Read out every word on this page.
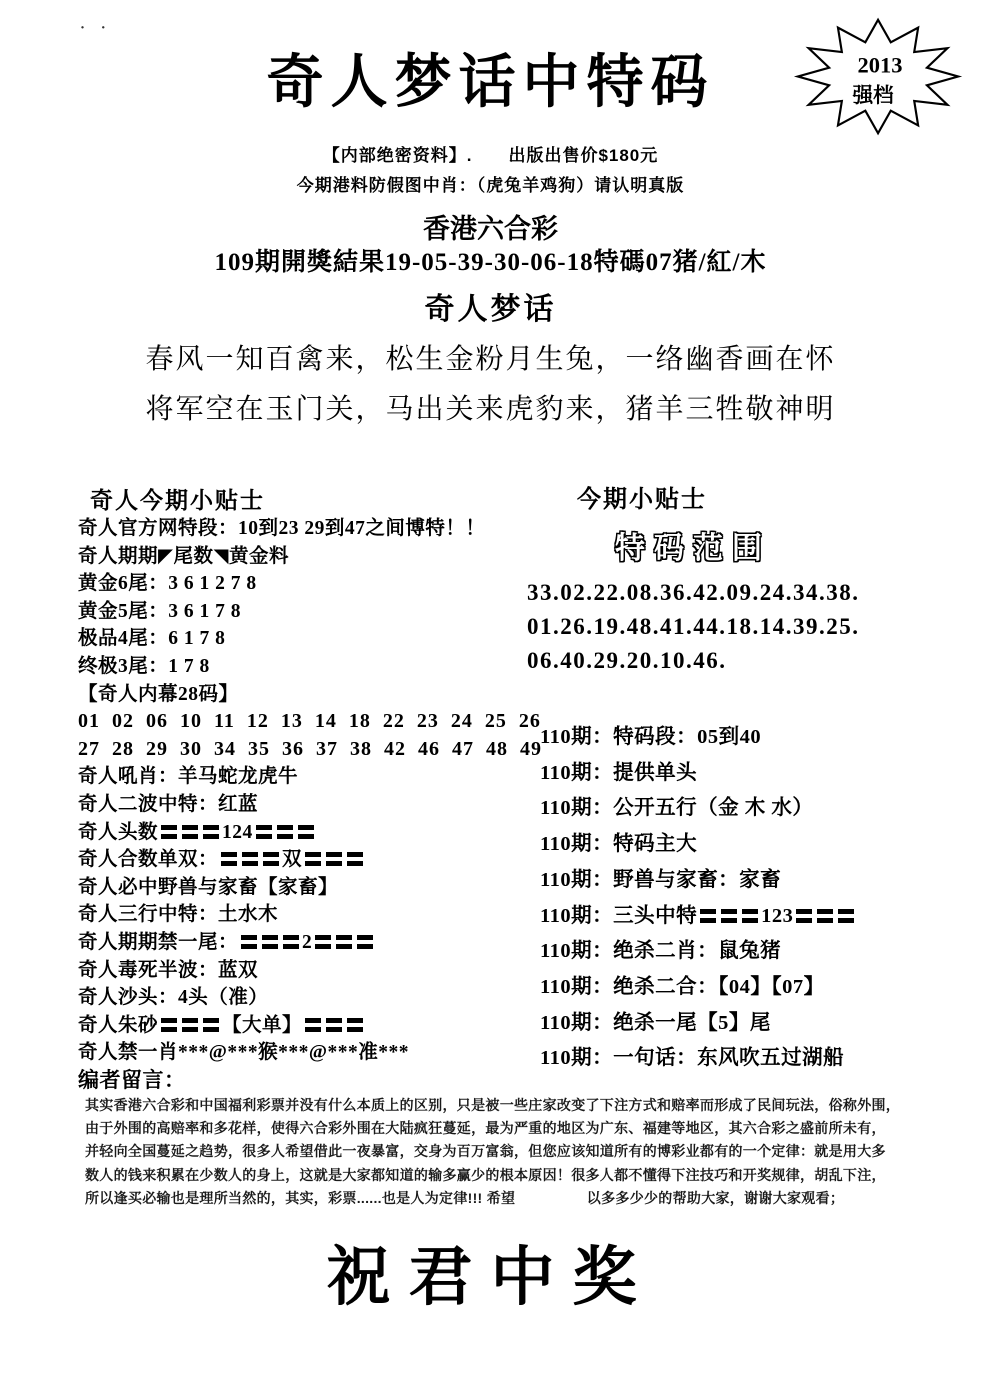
· ·
奇人梦话中特码	2013
强档
【内部绝密资料】.　　出版出售价$180元
今期港料防假图中肖：（虎兔羊鸡狗）请认明真版
香港六合彩
109期開獎結果19-05-39-30-06-18特碼07猪/紅/木
奇人梦话
春风一知百禽来，松生金粉月生兔，一络幽香画在怀
将军空在玉门关，马出关来虎豹来，猪羊三牲敬神明
奇人今期小贴士
奇人官方网特段：10到23 29到47之间博特！！
奇人期期◤尾数◥黄金料
黄金6尾：3 6 1 2 7 8
黄金5尾：3 6 1 7 8
极品4尾：6 1 7 8
终极3尾：1 7 8
【奇人内幕28码】
01 02 06 10 11 12 13 14 18 22 23 24 25 26
27 28 29 30 34 35 36 37 38 42 46 47 48 49
奇人吼肖：羊马蛇龙虎牛
奇人二波中特：红蓝
奇人头数	124
奇人合数单双：	双
奇人必中野兽与家畜【家畜】
奇人三行中特：土水木
奇人期期禁一尾：	2
奇人毒死半波：蓝双
奇人沙头：4头（准）
奇人朱砂	【大单】
奇人禁一肖***@***猴***@***准***
编者留言：
今期小贴士
特码范围
33.02.22.08.36.42.09.24.34.38.
01.26.19.48.41.44.18.14.39.25.
06.40.29.20.10.46.
110期：特码段：05到40
110期：提供单头
110期：公开五行（金 木 水）
110期：特码主大
110期：野兽与家畜：家畜
110期：三头中特	123
110期：绝杀二肖：鼠兔猪
110期：绝杀二合：【04】【07】
110期：绝杀一尾【5】尾
110期：一句话：东风吹五过湖船
其实香港六合彩和中国福利彩票并没有什么本质上的区别，只是被一些庄家改变了下注方式和赔率而形成了民间玩法，俗称外围，
由于外围的高赔率和多花样，使得六合彩外围在大陆疯狂蔓延，最为严重的地区为广东、福建等地区，其六合彩之盛前所未有，
并轻向全国蔓延之趋势，很多人希望借此一夜暴富，交身为百万富翁，但您应该知道所有的博彩业都有的一个定律：就是用大多
数人的钱来积累在少数人的身上，这就是大家都知道的输多赢少的根本原因！很多人都不懂得下注技巧和开奖规律，胡乱下注，
所以逢买必输也是理所当然的，其实，彩票......也是人为定律!!! 希望　　　　　以多多少少的帮助大家，谢谢大家观看；
祝君中奖
